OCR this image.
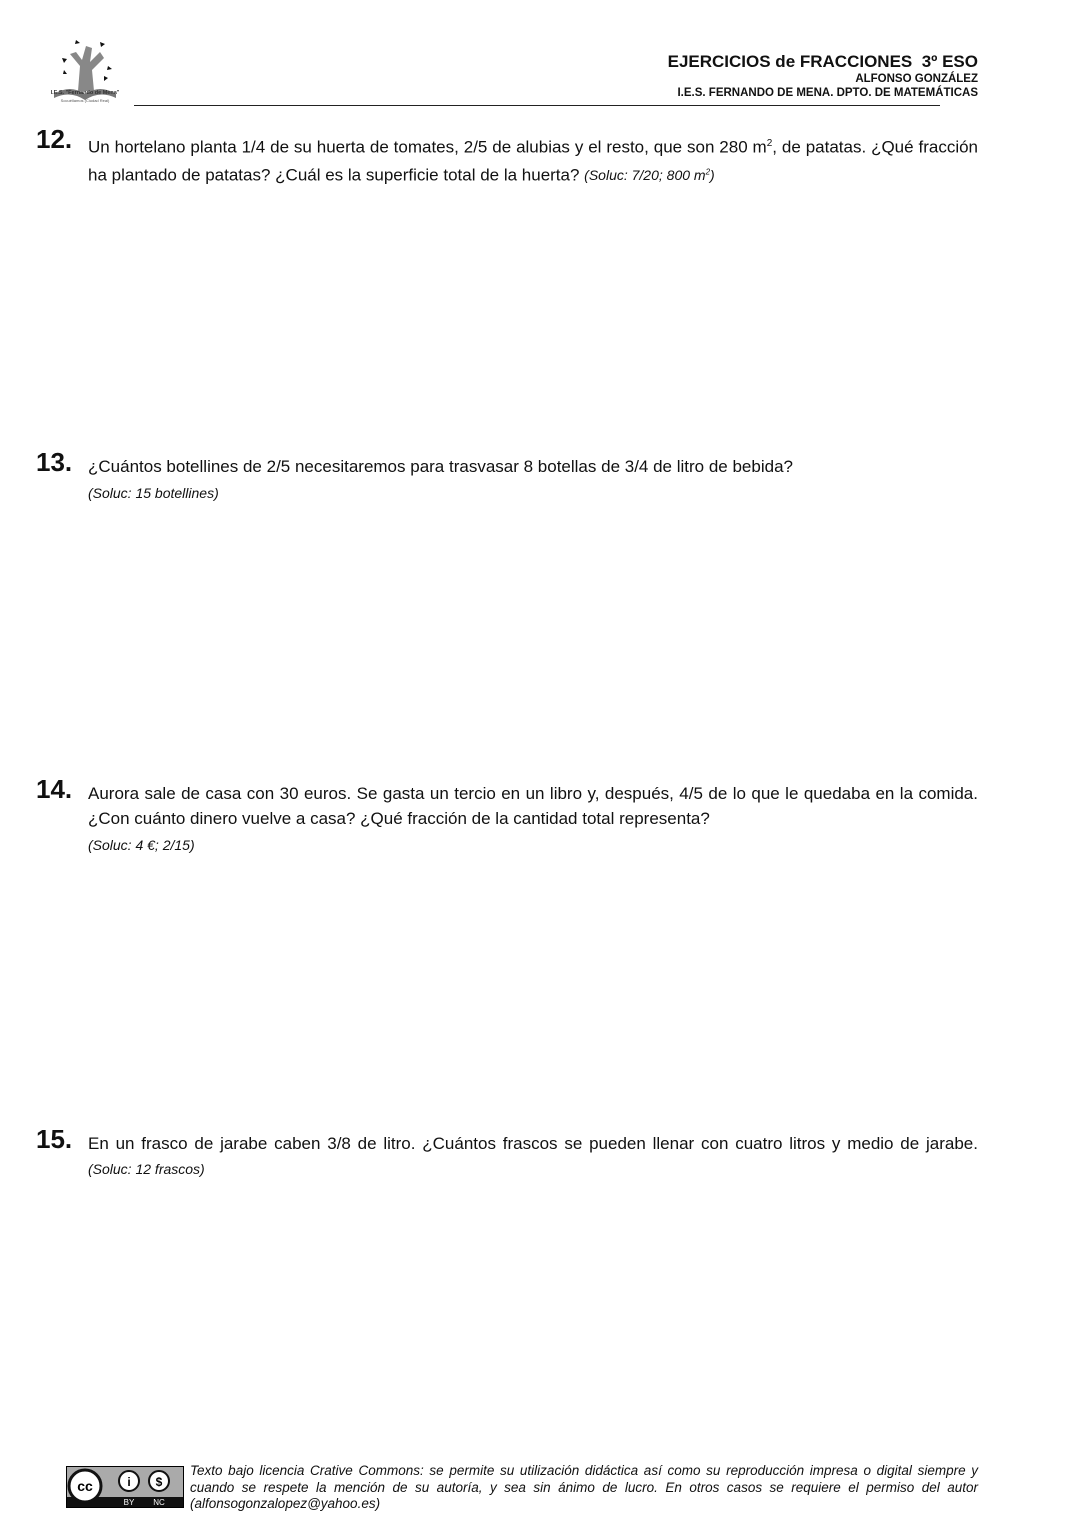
I.E.S. "Fernando de Mena"
Socuéllamos (Ciudad Real)
EJERCICIOS de FRACCIONES  3º ESO
ALFONSO GONZÁLEZ
I.E.S. FERNANDO DE MENA. DPTO. DE MATEMÁTICAS
12. Un hortelano planta 1/4 de su huerta de tomates, 2/5 de alubias y el resto, que son 280 $m^2$, de patatas. ¿Qué fracción ha plantado de patatas? ¿Cuál es la superficie total de la huerta? (Soluc: 7/20; 800 $m^2$)
13. ¿Cuántos botellines de 2/5 necesitaremos para trasvasar 8 botellas de 3/4 de litro de bebida?
(Soluc: 15 botellines)
14. Aurora sale de casa con 30 euros. Se gasta un tercio en un libro y, después, 4/5 de lo que le quedaba en la comida. ¿Con cuánto dinero vuelve a casa? ¿Qué fracción de la cantidad total representa?
(Soluc: 4 €; 2/15)
15. En un frasco de jarabe caben 3/8 de litro. ¿Cuántos frascos se pueden llenar con cuatro litros y medio de jarabe. (Soluc: 12 frascos)
cc	i $
BY NC
Texto bajo licencia Crative Commons: se permite su utilización didáctica así como su reproducción impresa o digital siempre y cuando se respete la mención de su autoría, y sea sin ánimo de lucro. En otros casos se requiere el permiso del autor (alfonsogonzalopez@yahoo.es)
